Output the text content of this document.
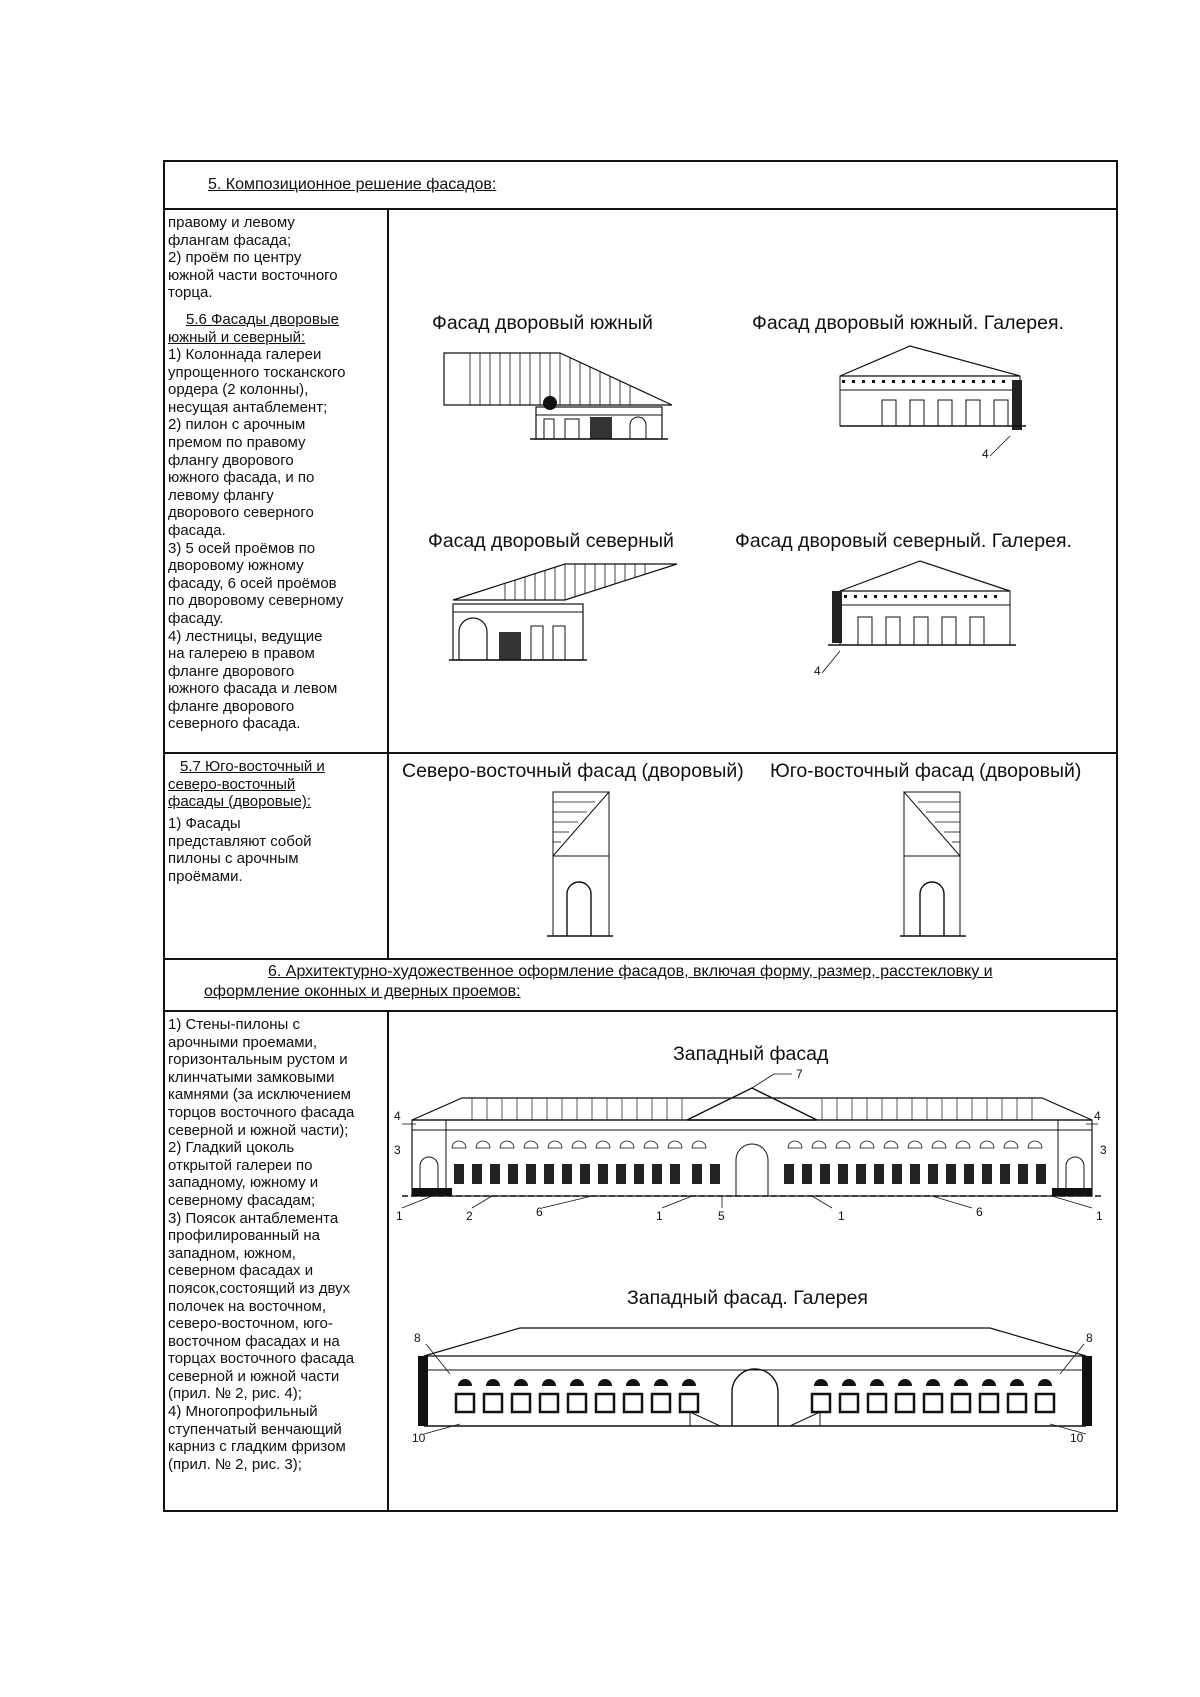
5. Композиционное решение фасадов:
правому и левому
флангам фасада;
2) проём по центру
южной части восточного
торца.
5.6 Фасады дворовые
южный и северный:
1) Колоннада галереи
упрощенного тосканского
ордера (2 колонны),
несущая антаблемент;
2) пилон с арочным
премом по правому
флангу дворового
южного фасада, и по
левому флангу
дворового северного
фасада.
3) 5 осей проёмов по
дворовому южному
фасаду, 6 осей проёмов
по дворовому северному
фасаду.
4) лестницы, ведущие
на галерею в правом
фланге дворового
южного фасада и левом
фланге дворового
северного фасада.
Фасад дворовый южный	Фасад дворовый южный. Галерея.
Фасад дворовый северный	Фасад дворовый северный. Галерея.
4
4
5.7 Юго-восточный и
северо-восточный
фасады (дворовые):
1) Фасады
представляют собой
пилоны с арочным
проёмами.
Северо-восточный фасад (дворовый) Юго-восточный фасад (дворовый)
6. Архитектурно-художественное оформление фасадов, включая форму, размер, расстекловку и
оформление оконных и дверных проемов:
1) Стены-пилоны с
арочными проемами,
горизонтальным рустом и
клинчатыми замковыми
камнями (за исключением
торцов восточного фасада
северной и южной части);
2) Гладкий цоколь
открытой галереи по
западному, южному и
северному фасадам;
3) Поясок антаблемента
профилированный на
западном, южном,
северном фасадах и
поясок,состоящий из двух
полочек на восточном,
северо-восточном, юго-
восточном фасадах и на
торцах восточного фасада
северной и южной части
(прил. № 2, рис. 4);
4) Многопрофильный
ступенчатый венчающий
карниз с гладким фризом
(прил. № 2, рис. 3);
Западный фасад
Западный фасад. Галерея
7
4	4
3	3
1	2	6	1	5	1	6	1
8	8
10	10
